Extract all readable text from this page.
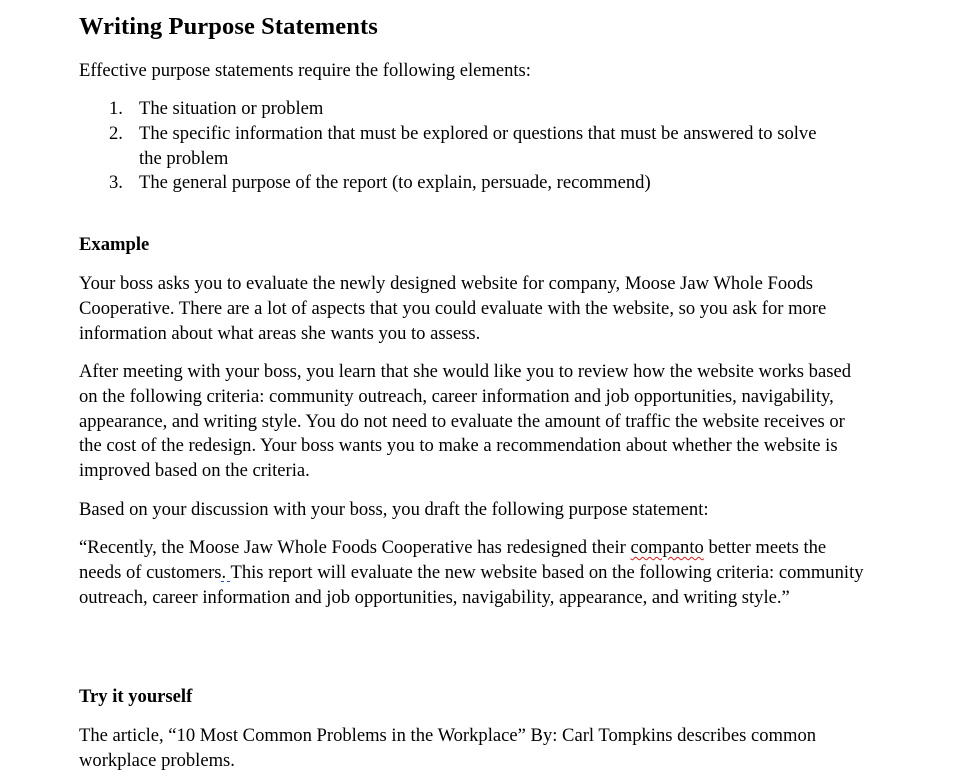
Writing Purpose Statements

Effective purpose statements require the following elements:

1. The situation or problem
2. The specific information that must be explored or questions that must be answered to solve the problem
3. The general purpose of the report (to explain, persuade, recommend)
Example

Your boss asks you to evaluate the newly designed website for company, Moose Jaw Whole Foods Cooperative. There are a lot of aspects that you could evaluate with the website, so you ask for more information about what areas she wants you to assess.

After meeting with your boss, you learn that she would like you to review how the website works based on the following criteria: community outreach, career information and job opportunities, navigability, appearance, and writing style. You do not need to evaluate the amount of traffic the website receives or the cost of the redesign. Your boss wants you to make a recommendation about whether the website is improved based on the criteria.

Based on your discussion with your boss, you draft the following purpose statement:

“Recently, the Moose Jaw Whole Foods Cooperative has redesigned their companto better meets the needs of customers. This report will evaluate the new website based on the following criteria: community outreach, career information and job opportunities, navigability, appearance, and writing style.”

Try it yourself

The article, “10 Most Common Problems in the Workplace” By: Carl Tompkins describes common workplace problems.
